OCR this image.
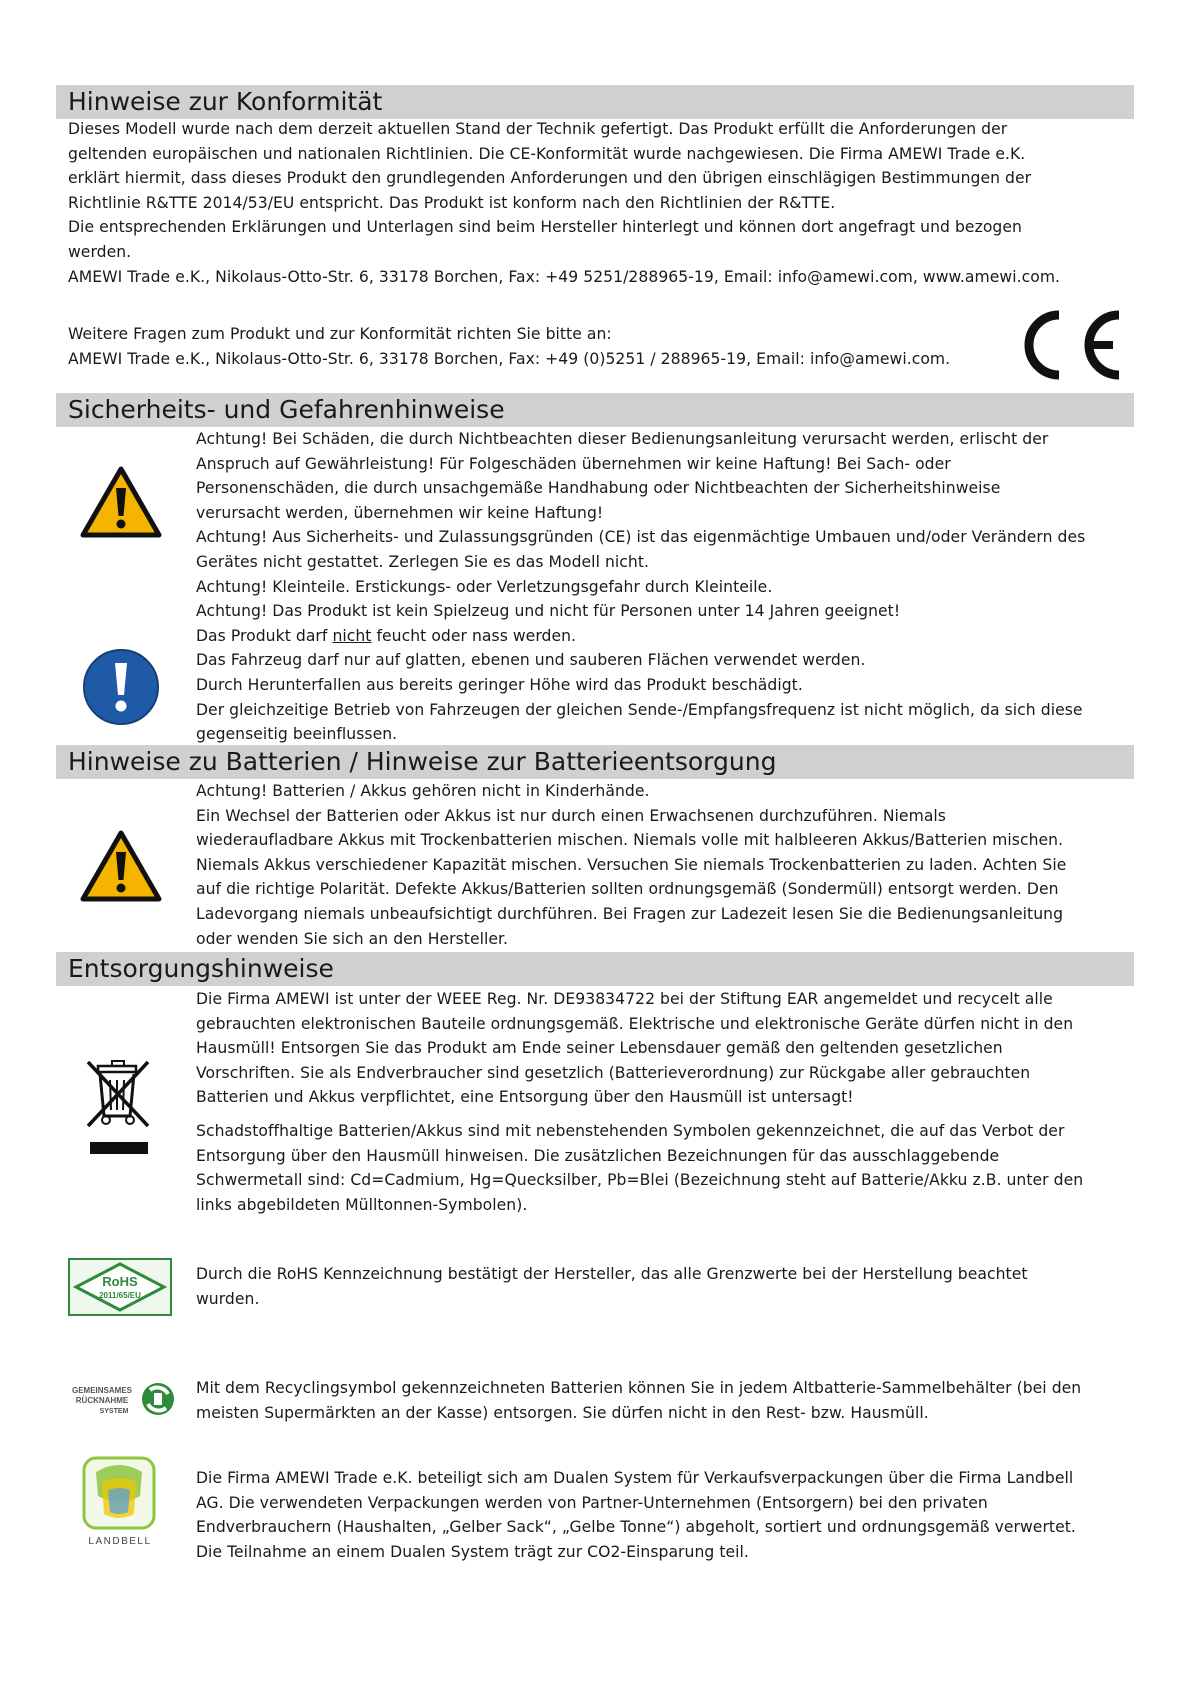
Hinweise zur Konformität

Dieses Modell wurde nach dem derzeit aktuellen Stand der Technik gefertigt. Das Produkt erfüllt die Anforderungen der

geltenden europäischen und nationalen Richtlinien. Die CE-Konformität wurde nachgewiesen. Die Firma AMEWI Trade e.K.

erklärt hiermit, dass dieses Produkt den grundlegenden Anforderungen und den übrigen einschlägigen Bestimmungen der

Richtlinie R&TTE 2014/53/EU entspricht. Das Produkt ist konform nach den Richtlinien der R&TTE.

Die entsprechenden Erklärungen und Unterlagen sind beim Hersteller hinterlegt und können dort angefragt und bezogen

werden.

AMEWI Trade e.K., Nikolaus-Otto-Str. 6, 33178 Borchen, Fax: +49 5251/288965-19, Email: info@amewi.com, www.amewi.com.

Weitere Fragen zum Produkt und zur Konformität richten Sie bitte an:

AMEWI Trade e.K., Nikolaus-Otto-Str. 6, 33178 Borchen, Fax: +49 (0)5251 / 288965-19, Email: info@amewi.com.

Sicherheits- und Gefahrenhinweise

Achtung! Bei Schäden, die durch Nichtbeachten dieser Bedienungsanleitung verursacht werden, erlischt der

Anspruch auf Gewährleistung! Für Folgeschäden übernehmen wir keine Haftung! Bei Sach- oder

Personenschäden, die durch unsachgemäße Handhabung oder Nichtbeachten der Sicherheitshinweise

verursacht werden, übernehmen wir keine Haftung!

Achtung! Aus Sicherheits- und Zulassungsgründen (CE) ist das eigenmächtige Umbauen und/oder Verändern des

Gerätes nicht gestattet. Zerlegen Sie es das Modell nicht.

Achtung! Kleinteile. Erstickungs- oder Verletzungsgefahr durch Kleinteile.

Achtung! Das Produkt ist kein Spielzeug und nicht für Personen unter 14 Jahren geeignet!

Das Produkt darf nicht feucht oder nass werden.

Das Fahrzeug darf nur auf glatten, ebenen und sauberen Flächen verwendet werden.

Durch Herunterfallen aus bereits geringer Höhe wird das Produkt beschädigt.

Der gleichzeitige Betrieb von Fahrzeugen der gleichen Sende-/Empfangsfrequenz ist nicht möglich, da sich diese

gegenseitig beeinflussen.

Hinweise zu Batterien / Hinweise zur Batterieentsorgung

Achtung! Batterien / Akkus gehören nicht in Kinderhände.

Ein Wechsel der Batterien oder Akkus ist nur durch einen Erwachsenen durchzuführen. Niemals

wiederaufladbare Akkus mit Trockenbatterien mischen. Niemals volle mit halbleeren Akkus/Batterien mischen.

Niemals Akkus verschiedener Kapazität mischen. Versuchen Sie niemals Trockenbatterien zu laden. Achten Sie

auf die richtige Polarität. Defekte Akkus/Batterien sollten ordnungsgemäß (Sondermüll) entsorgt werden. Den

Ladevorgang niemals unbeaufsichtigt durchführen. Bei Fragen zur Ladezeit lesen Sie die Bedienungsanleitung

oder wenden Sie sich an den Hersteller.

Entsorgungshinweise

Die Firma AMEWI ist unter der WEEE Reg. Nr. DE93834722 bei der Stiftung EAR angemeldet und recycelt alle

gebrauchten elektronischen Bauteile ordnungsgemäß. Elektrische und elektronische Geräte dürfen nicht in den

Hausmüll! Entsorgen Sie das Produkt am Ende seiner Lebensdauer gemäß den geltenden gesetzlichen

Vorschriften. Sie als Endverbraucher sind gesetzlich (Batterieverordnung) zur Rückgabe aller gebrauchten

Batterien und Akkus verpflichtet, eine Entsorgung über den Hausmüll ist untersagt!

Schadstoffhaltige Batterien/Akkus sind mit nebenstehenden Symbolen gekennzeichnet, die auf das Verbot der

Entsorgung über den Hausmüll hinweisen. Die zusätzlichen Bezeichnungen für das ausschlaggebende

Schwermetall sind: Cd=Cadmium, Hg=Quecksilber, Pb=Blei (Bezeichnung steht auf Batterie/Akku z.B. unter den

links abgebildeten Mülltonnen-Symbolen).

Durch die RoHS Kennzeichnung bestätigt der Hersteller, das alle Grenzwerte bei der Herstellung beachtet

wurden.

RoHS
2011/65/EU

Mit dem Recyclingsymbol gekennzeichneten Batterien können Sie in jedem Altbatterie-Sammelbehälter (bei den

meisten Supermärkten an der Kasse) entsorgen. Sie dürfen nicht in den Rest- bzw. Hausmüll.

GEMEINSAMES
RÜCKNAHME
SYSTEM

Die Firma AMEWI Trade e.K. beteiligt sich am Dualen System für Verkaufsverpackungen über die Firma Landbell

AG. Die verwendeten Verpackungen werden von Partner-Unternehmen (Entsorgern) bei den privaten

Endverbrauchern (Haushalten, „Gelber Sack“, „Gelbe Tonne“) abgeholt, sortiert und ordnungsgemäß verwertet.

Die Teilnahme an einem Dualen System trägt zur CO2-Einsparung teil.

LANDBELL
